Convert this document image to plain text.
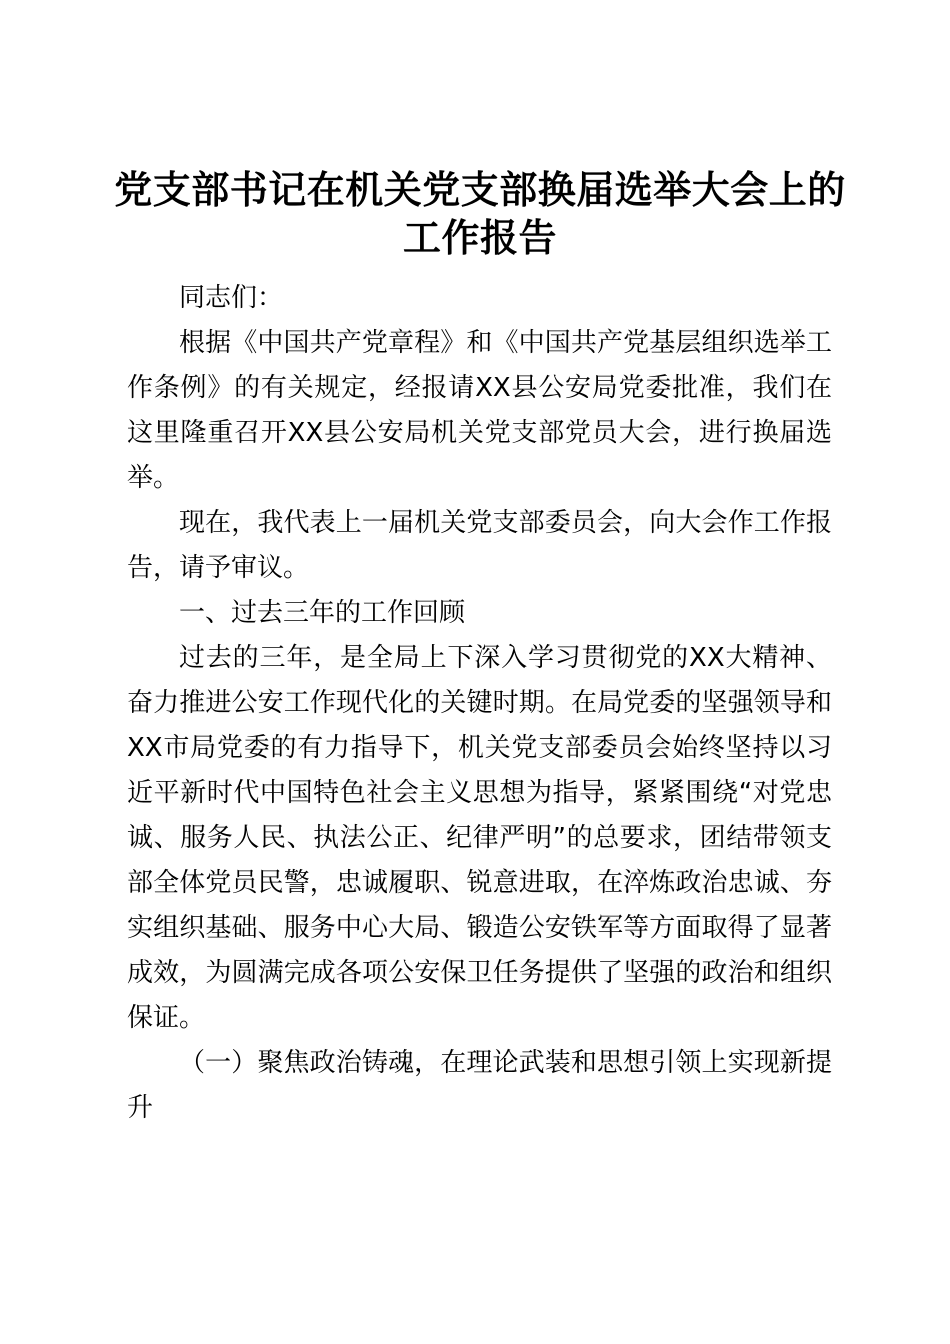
党支部书记在机关党支部换届选举大会上的工作报告

同志们：

根据《中国共产党章程》和《中国共产党基层组织选举工作条例》的有关规定，经报请XX县公安局党委批准，我们在这里隆重召开XX县公安局机关党支部党员大会，进行换届选举。

现在，我代表上一届机关党支部委员会，向大会作工作报告，请予审议。

一、过去三年的工作回顾

过去的三年，是全局上下深入学习贯彻党的XX大精神、奋力推进公安工作现代化的关键时期。在局党委的坚强领导和XX市局党委的有力指导下，机关党支部委员会始终坚持以习近平新时代中国特色社会主义思想为指导，紧紧围绕“对党忠诚、服务人民、执法公正、纪律严明”的总要求，团结带领支部全体党员民警，忠诚履职、锐意进取，在淬炼政治忠诚、夯实组织基础、服务中心大局、锻造公安铁军等方面取得了显著成效，为圆满完成各项公安保卫任务提供了坚强的政治和组织保证。

（一）聚焦政治铸魂，在理论武装和思想引领上实现新提升
